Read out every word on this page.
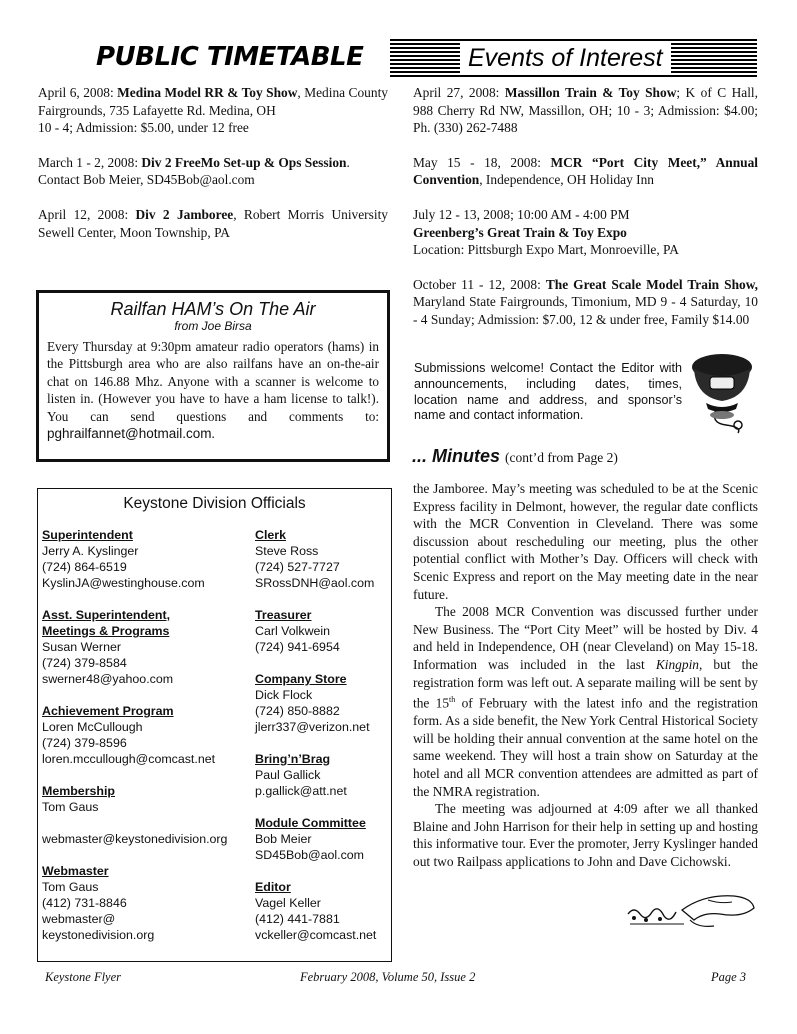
PUBLIC TIMETABLE	Events of Interest
April 6, 2008: Medina Model RR & Toy Show, Medina County Fairgrounds, 735 Lafayette Rd. Medina, OH
10 - 4; Admission: $5.00, under 12 free
March 1 - 2, 2008: Div 2 FreeMo Set-up & Ops Session.
Contact Bob Meier, SD45Bob@aol.com
April 12, 2008: Div 2 Jamboree, Robert Morris University Sewell Center, Moon Township, PA
April 27, 2008: Massillon Train & Toy Show; K of C Hall, 988 Cherry Rd NW, Massillon, OH; 10 - 3; Admission: $4.00; Ph. (330) 262-7488
May 15 - 18, 2008: MCR “Port City Meet,” Annual Convention, Independence, OH Holiday Inn
July 12 - 13, 2008; 10:00 AM - 4:00 PM
Greenberg’s Great Train & Toy Expo
Location: Pittsburgh Expo Mart, Monroeville, PA
October 11 - 12, 2008: The Great Scale Model Train Show, Maryland State Fairgrounds, Timonium, MD 9 - 4 Saturday, 10 - 4 Sunday; Admission: $7.00, 12 & under free, Family $14.00
Railfan HAM’s On The Air
from Joe Birsa
Every Thursday at 9:30pm amateur radio operators (hams) in the Pittsburgh area who are also railfans have an on-the-air chat on 146.88 Mhz. Anyone with a scanner is welcome to listen in. (However you have to have a ham license to talk!). You can send questions and comments to: pghrailfannet@hotmail.com.
Keystone Division Officials
Superintendent
Jerry A. Kyslinger
(724) 864-6519
KyslinJA@westinghouse.com
Asst. Superintendent,
Meetings & Programs
Susan Werner
(724) 379-8584
swerner48@yahoo.com
Achievement Program
Loren McCullough
(724) 379-8596
loren.mccullough@comcast.net
Membership
Tom Gaus
webmaster@keystonedivision.org
Webmaster
Tom Gaus
(412) 731-8846
webmaster@
keystonedivision.org
Clerk
Steve Ross
(724) 527-7727
SRossDNH@aol.com
Treasurer
Carl Volkwein
(724) 941-6954
Company Store
Dick Flock
(724) 850-8882
jlerr337@verizon.net
Bring’n’Brag
Paul Gallick
p.gallick@att.net
Module Committee
Bob Meier
SD45Bob@aol.com
Editor
Vagel Keller
(412) 441-7881
vckeller@comcast.net
Submissions welcome! Contact the Editor with announcements, including dates, times, location name and address, and sponsor’s name and contact information.
... Minutes (cont’d from Page 2)

the Jamboree. May’s meeting was scheduled to be at the Scenic Express facility in Delmont, however, the regular date conflicts with the MCR Convention in Cleveland. There was some discussion about rescheduling our meeting, plus the other potential conflict with Mother’s Day. Officers will check with Scenic Express and report on the May meeting date in the near future.

The 2008 MCR Convention was discussed further under New Business. The “Port City Meet” will be hosted by Div. 4 and held in Independence, OH (near Cleveland) on May 15-18. Information was included in the last Kingpin, but the registration form was left out. A separate mailing will be sent by the 15th of February with the latest info and the registration form. As a side benefit, the New York Central Historical Society will be holding their annual convention at the same hotel on the same weekend. They will host a train show on Saturday at the hotel and all MCR convention attendees are admitted as part of the NMRA registration.

The meeting was adjourned at 4:09 after we all thanked Blaine and John Harrison for their help in setting up and hosting this informative tour. Ever the promoter, Jerry Kyslinger handed out two Railpass applications to John and Dave Cichowski.

Keystone Flyer	February 2008, Volume 50, Issue 2	Page 3
